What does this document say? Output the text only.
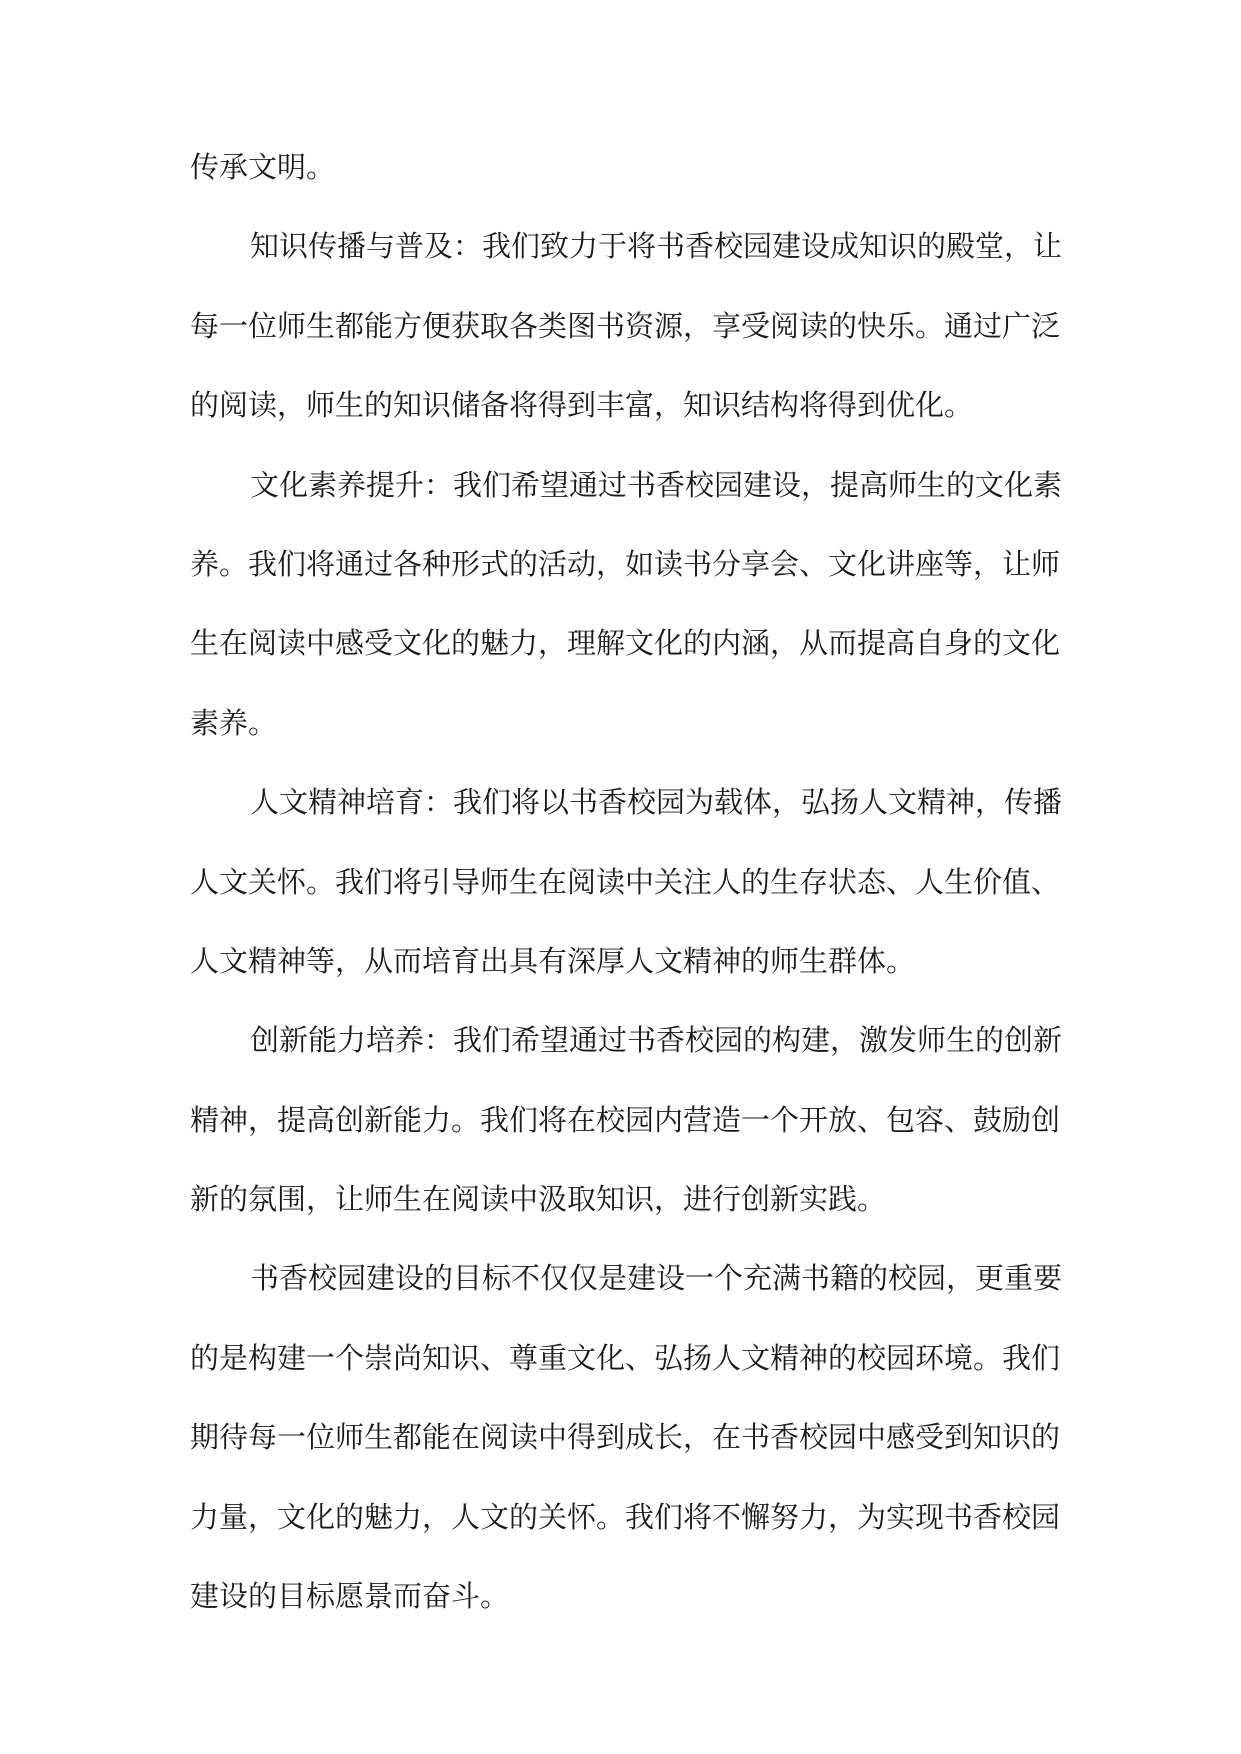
传承文明。
知识传播与普及：我们致力于将书香校园建设成知识的殿堂，让
每一位师生都能方便获取各类图书资源，享受阅读的快乐。通过广泛
的阅读，师生的知识储备将得到丰富，知识结构将得到优化。
文化素养提升：我们希望通过书香校园建设，提高师生的文化素
养。我们将通过各种形式的活动，如读书分享会、文化讲座等，让师
生在阅读中感受文化的魅力，理解文化的内涵，从而提高自身的文化
素养。
人文精神培育：我们将以书香校园为载体，弘扬人文精神，传播
人文关怀。我们将引导师生在阅读中关注人的生存状态、人生价值、
人文精神等，从而培育出具有深厚人文精神的师生群体。
创新能力培养：我们希望通过书香校园的构建，激发师生的创新
精神，提高创新能力。我们将在校园内营造一个开放、包容、鼓励创
新的氛围，让师生在阅读中汲取知识，进行创新实践。
书香校园建设的目标不仅仅是建设一个充满书籍的校园，更重要
的是构建一个崇尚知识、尊重文化、弘扬人文精神的校园环境。我们
期待每一位师生都能在阅读中得到成长，在书香校园中感受到知识的
力量，文化的魅力，人文的关怀。我们将不懈努力，为实现书香校园
建设的目标愿景而奋斗。
